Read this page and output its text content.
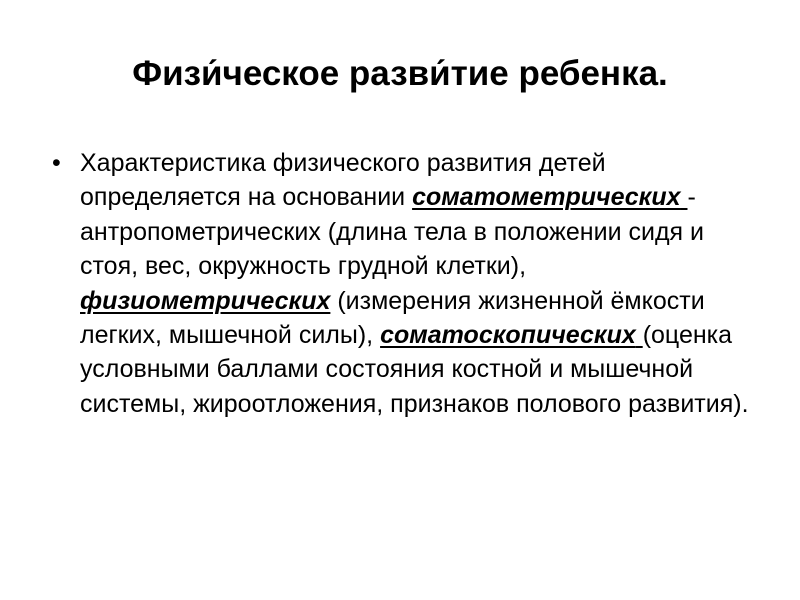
Физи́ческое разви́тие ребенка.
• Характеристика физического развития детей определяется на основании соматометрических - антропометрических (длина тела в положении сидя и стоя, вес, окружность грудной клетки), физиометрических (измерения жизненной ёмкости легких, мышечной силы), соматоскопических (оценка условными баллами состояния костной и мышечной системы, жироотложения, признаков полового развития).
